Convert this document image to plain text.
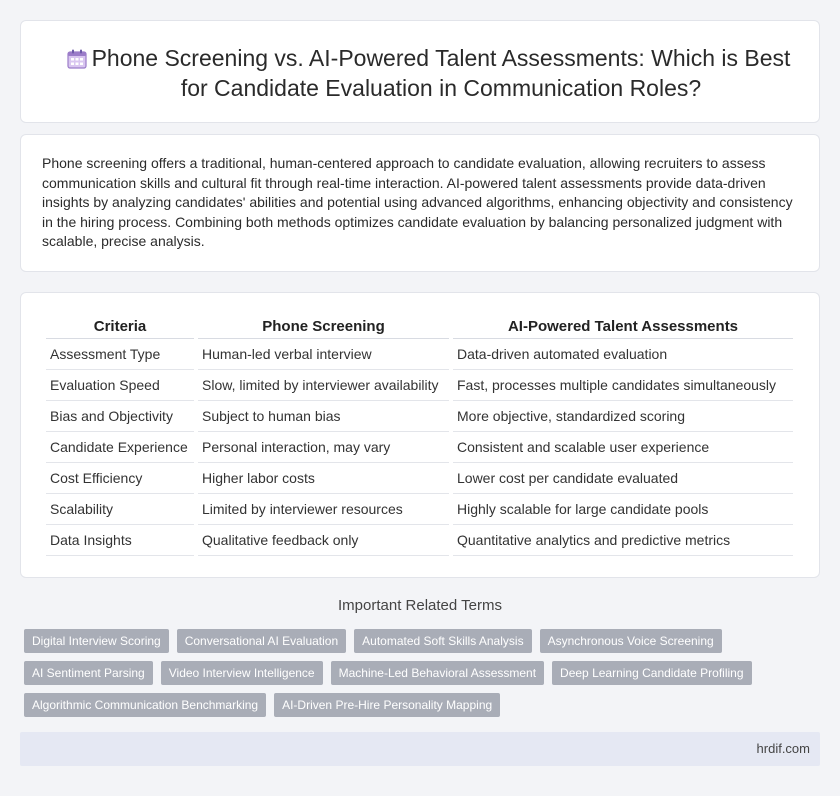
Phone Screening vs. AI-Powered Talent Assessments: Which is Best for Candidate Evaluation in Communication Roles?

Phone screening offers a traditional, human-centered approach to candidate evaluation, allowing recruiters to assess communication skills and cultural fit through real-time interaction. AI-powered talent assessments provide data-driven insights by analyzing candidates' abilities and potential using advanced algorithms, enhancing objectivity and consistency in the hiring process. Combining both methods optimizes candidate evaluation by balancing personalized judgment with scalable, precise analysis.

Criteria	Phone Screening	AI-Powered Talent Assessments
Assessment Type	Human-led verbal interview	Data-driven automated evaluation
Evaluation Speed	Slow, limited by interviewer availability	Fast, processes multiple candidates simultaneously
Bias and Objectivity	Subject to human bias	More objective, standardized scoring
Candidate Experience	Personal interaction, may vary	Consistent and scalable user experience
Cost Efficiency	Higher labor costs	Lower cost per candidate evaluated
Scalability	Limited by interviewer resources	Highly scalable for large candidate pools
Data Insights	Qualitative feedback only	Quantitative analytics and predictive metrics
Important Related Terms
Digital Interview Scoring	Conversational AI Evaluation	Automated Soft Skills Analysis	Asynchronous Voice Screening
AI Sentiment Parsing	Video Interview Intelligence	Machine-Led Behavioral Assessment	Deep Learning Candidate Profiling
Algorithmic Communication Benchmarking	AI-Driven Pre-Hire Personality Mapping
hrdif.com
